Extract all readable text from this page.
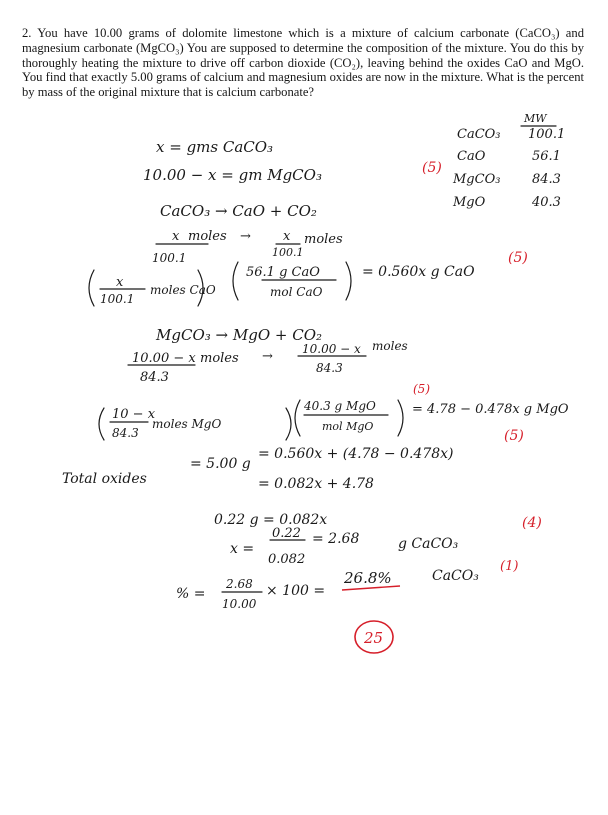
2. You have 10.00 grams of dolomite limestone which is a mixture of calcium carbonate (CaCO₃) and magnesium carbonate (MgCO₃) You are supposed to determine the composition of the mixture. You do this by thoroughly heating the mixture to drive off carbon dioxide (CO₂), leaving behind the oxides CaO and MgO. You find that exactly 5.00 grams of calcium and magnesium oxides are now in the mixture. What is the percent by mass of the original mixture that is calcium carbonate?

MW
CaCO₃ 100.1
CaO	56.1
MgCO₃ 84.3
MgO	40.3
(5)
x = gms CaCO₃
10.00 − x = gm MgCO₃
CaCO₃ → CaO + CO₂
x moles
100.1
→ x
100.1
moles
x
100.1
moles CaO
56.1 g CaO
mol CaO
= 0.560x g CaO
(5)
MgCO₃ → MgO + CO₂
10.00 − x moles
84.3
→ 10.00 − x moles
84.3
10 − x
84.3
moles MgO
40.3 g MgO
mol MgO
(5)
= 4.78 − 0.478x g MgO
Total oxides
= 5.00 g
= 0.560x + (4.78 − 0.478x)
(5)
= 0.082x + 4.78
0.22 g = 0.082x
x =
0.22
0.082
= 2.68	g CaCO₃
(4)
% =
2.68
10.00
× 100 =
26.8%	CaCO₃
(1)
25
